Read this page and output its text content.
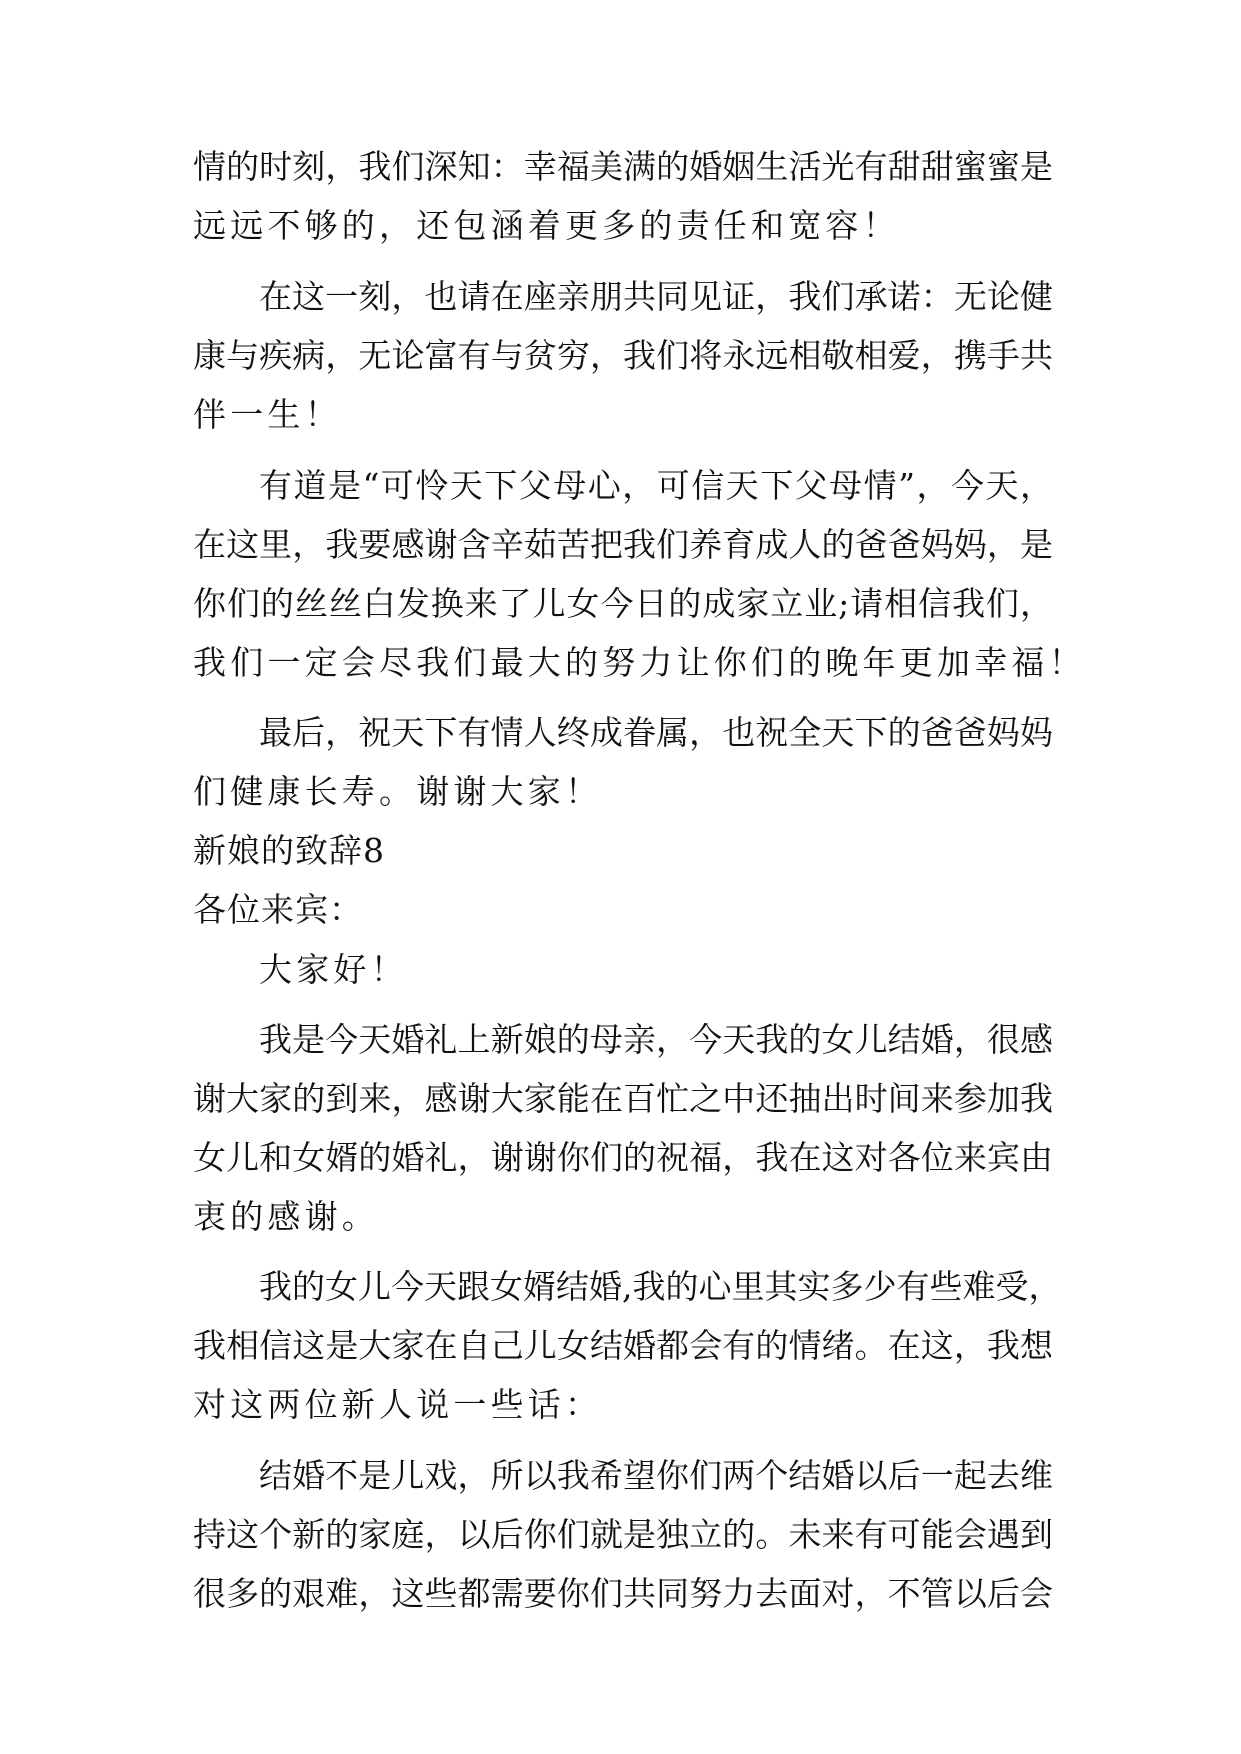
情的时刻，我们深知：幸福美满的婚姻生活光有甜甜蜜蜜是
远远不够的，还包涵着更多的责任和宽容！
在这一刻，也请在座亲朋共同见证，我们承诺：无论健
康与疾病，无论富有与贫穷，我们将永远相敬相爱，携手共
伴一生！
有道是“可怜天下父母心，可信天下父母情”，今天，
在这里，我要感谢含辛茹苦把我们养育成人的爸爸妈妈，是
你们的丝丝白发换来了儿女今日的成家立业;请相信我们，
我们一定会尽我们最大的努力让你们的晚年更加幸福！
最后，祝天下有情人终成眷属，也祝全天下的爸爸妈妈
们健康长寿。谢谢大家！
新娘的致辞8
各位来宾：
大家好！
我是今天婚礼上新娘的母亲，今天我的女儿结婚，很感
谢大家的到来，感谢大家能在百忙之中还抽出时间来参加我
女儿和女婿的婚礼，谢谢你们的祝福，我在这对各位来宾由
衷的感谢。
我的女儿今天跟女婿结婚,我的心里其实多少有些难受，
我相信这是大家在自己儿女结婚都会有的情绪。在这，我想
对这两位新人说一些话：
结婚不是儿戏，所以我希望你们两个结婚以后一起去维
持这个新的家庭，以后你们就是独立的。未来有可能会遇到
很多的艰难，这些都需要你们共同努力去面对，不管以后会
